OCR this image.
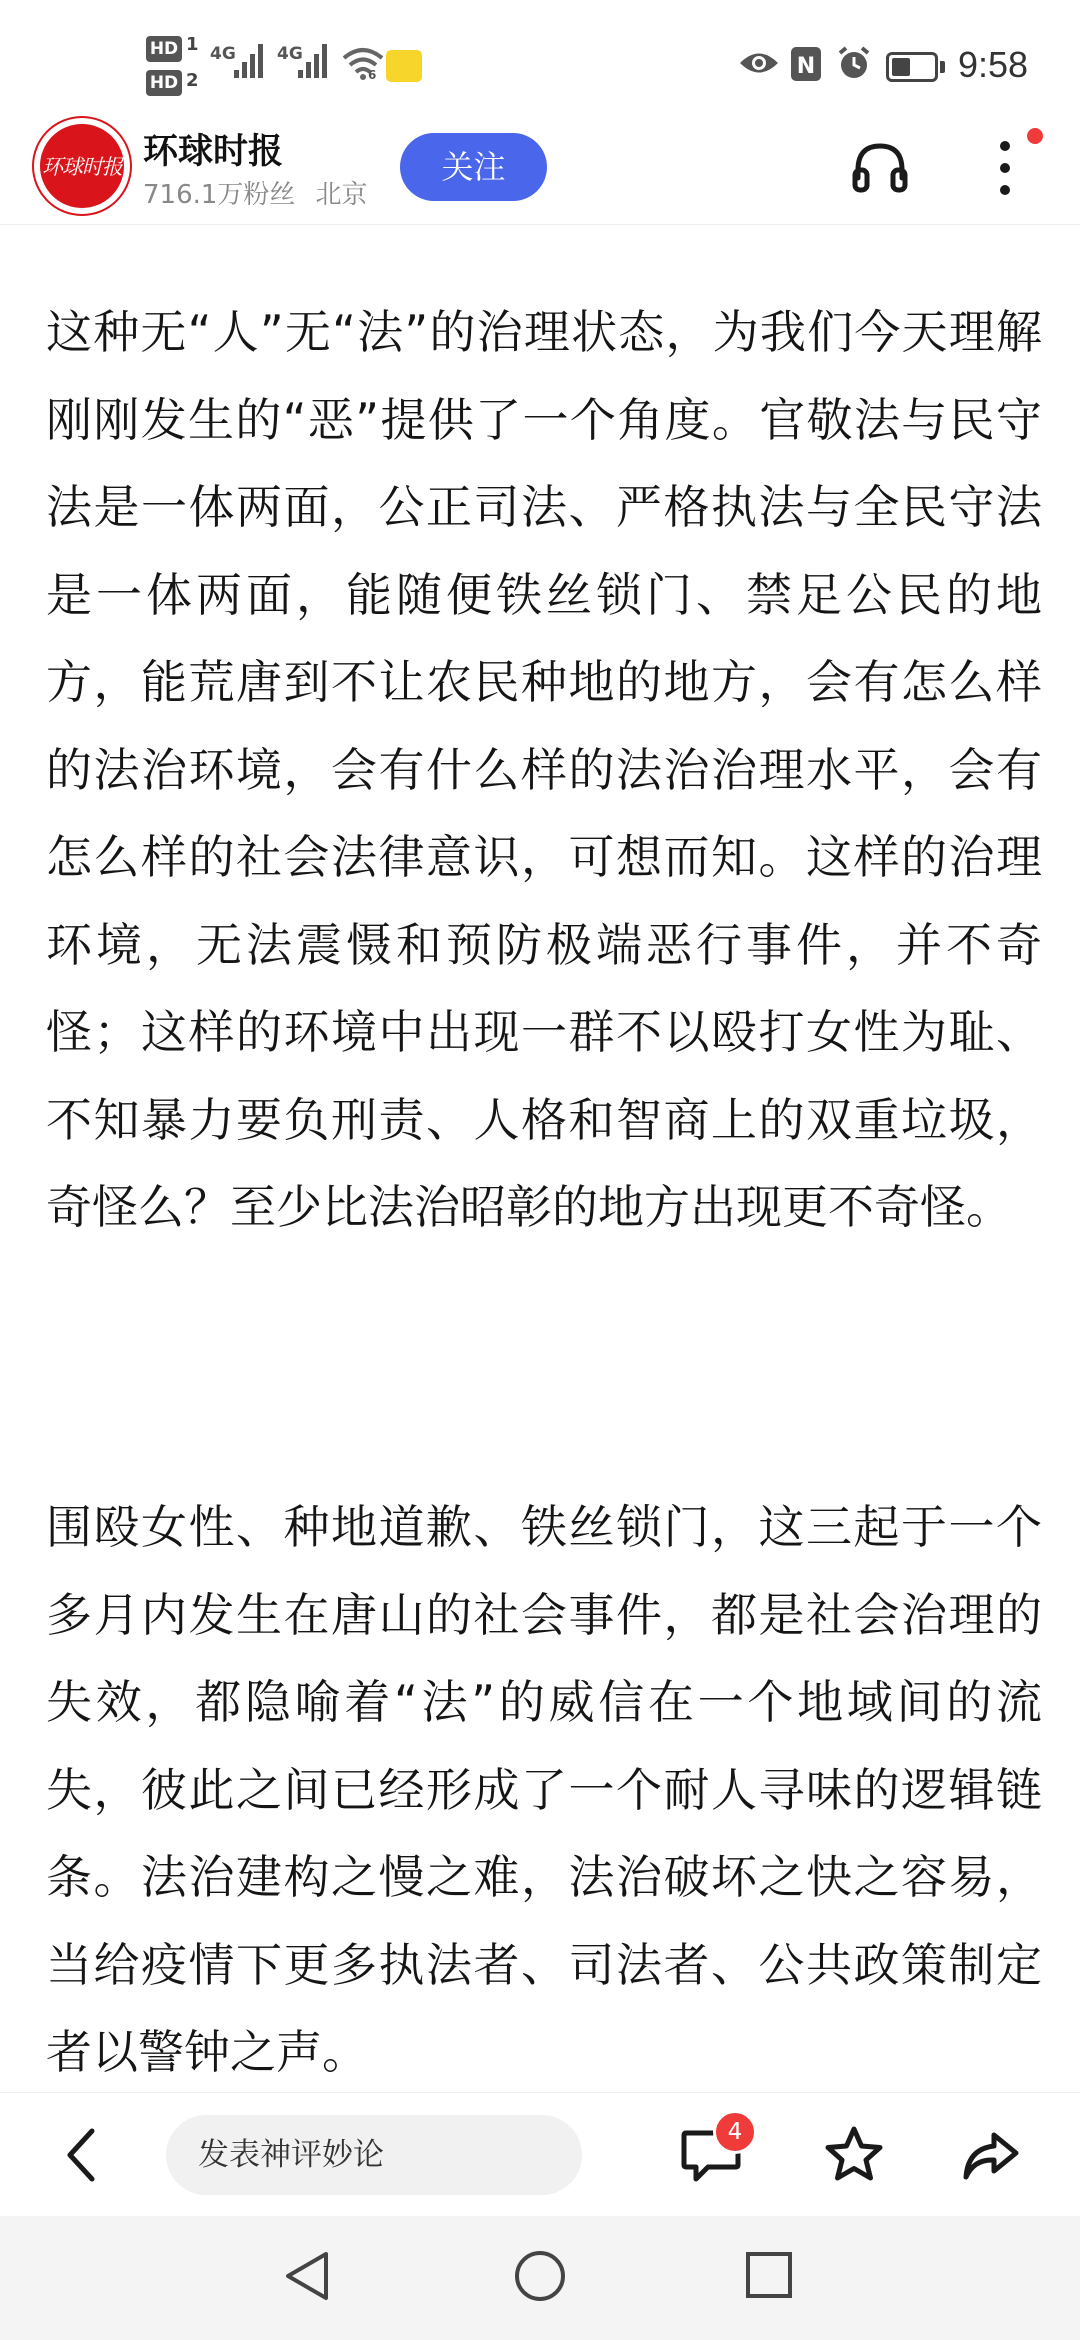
HD
HD
1
2
4G 4G
6	N	9:58
环球时报 环球时报
716.1万粉丝 北京
关注

这种无“人”无“法”的治理状态，为我们今天理解刚刚发生的“恶”提供了一个角度。官敬法与民守法是一体两面，公正司法、严格执法与全民守法是一体两面，能随便铁丝锁门、禁足公民的地方，能荒唐到不让农民种地的地方，会有怎么样的法治环境，会有什么样的法治治理水平，会有怎么样的社会法律意识，可想而知。这样的治理环境，无法震慑和预防极端恶行事件，并不奇怪；这样的环境中出现一群不以殴打女性为耻、不知暴力要负刑责、人格和智商上的双重垃圾，奇怪么？至少比法治昭彰的地方出现更不奇怪。

围殴女性、种地道歉、铁丝锁门，这三起于一个多月内发生在唐山的社会事件，都是社会治理的失效，都隐喻着“法”的威信在一个地域间的流失，彼此之间已经形成了一个耐人寻味的逻辑链条。法治建构之慢之难，法治破坏之快之容易，当给疫情下更多执法者、司法者、公共政策制定者以警钟之声。

发表神评妙论
4
